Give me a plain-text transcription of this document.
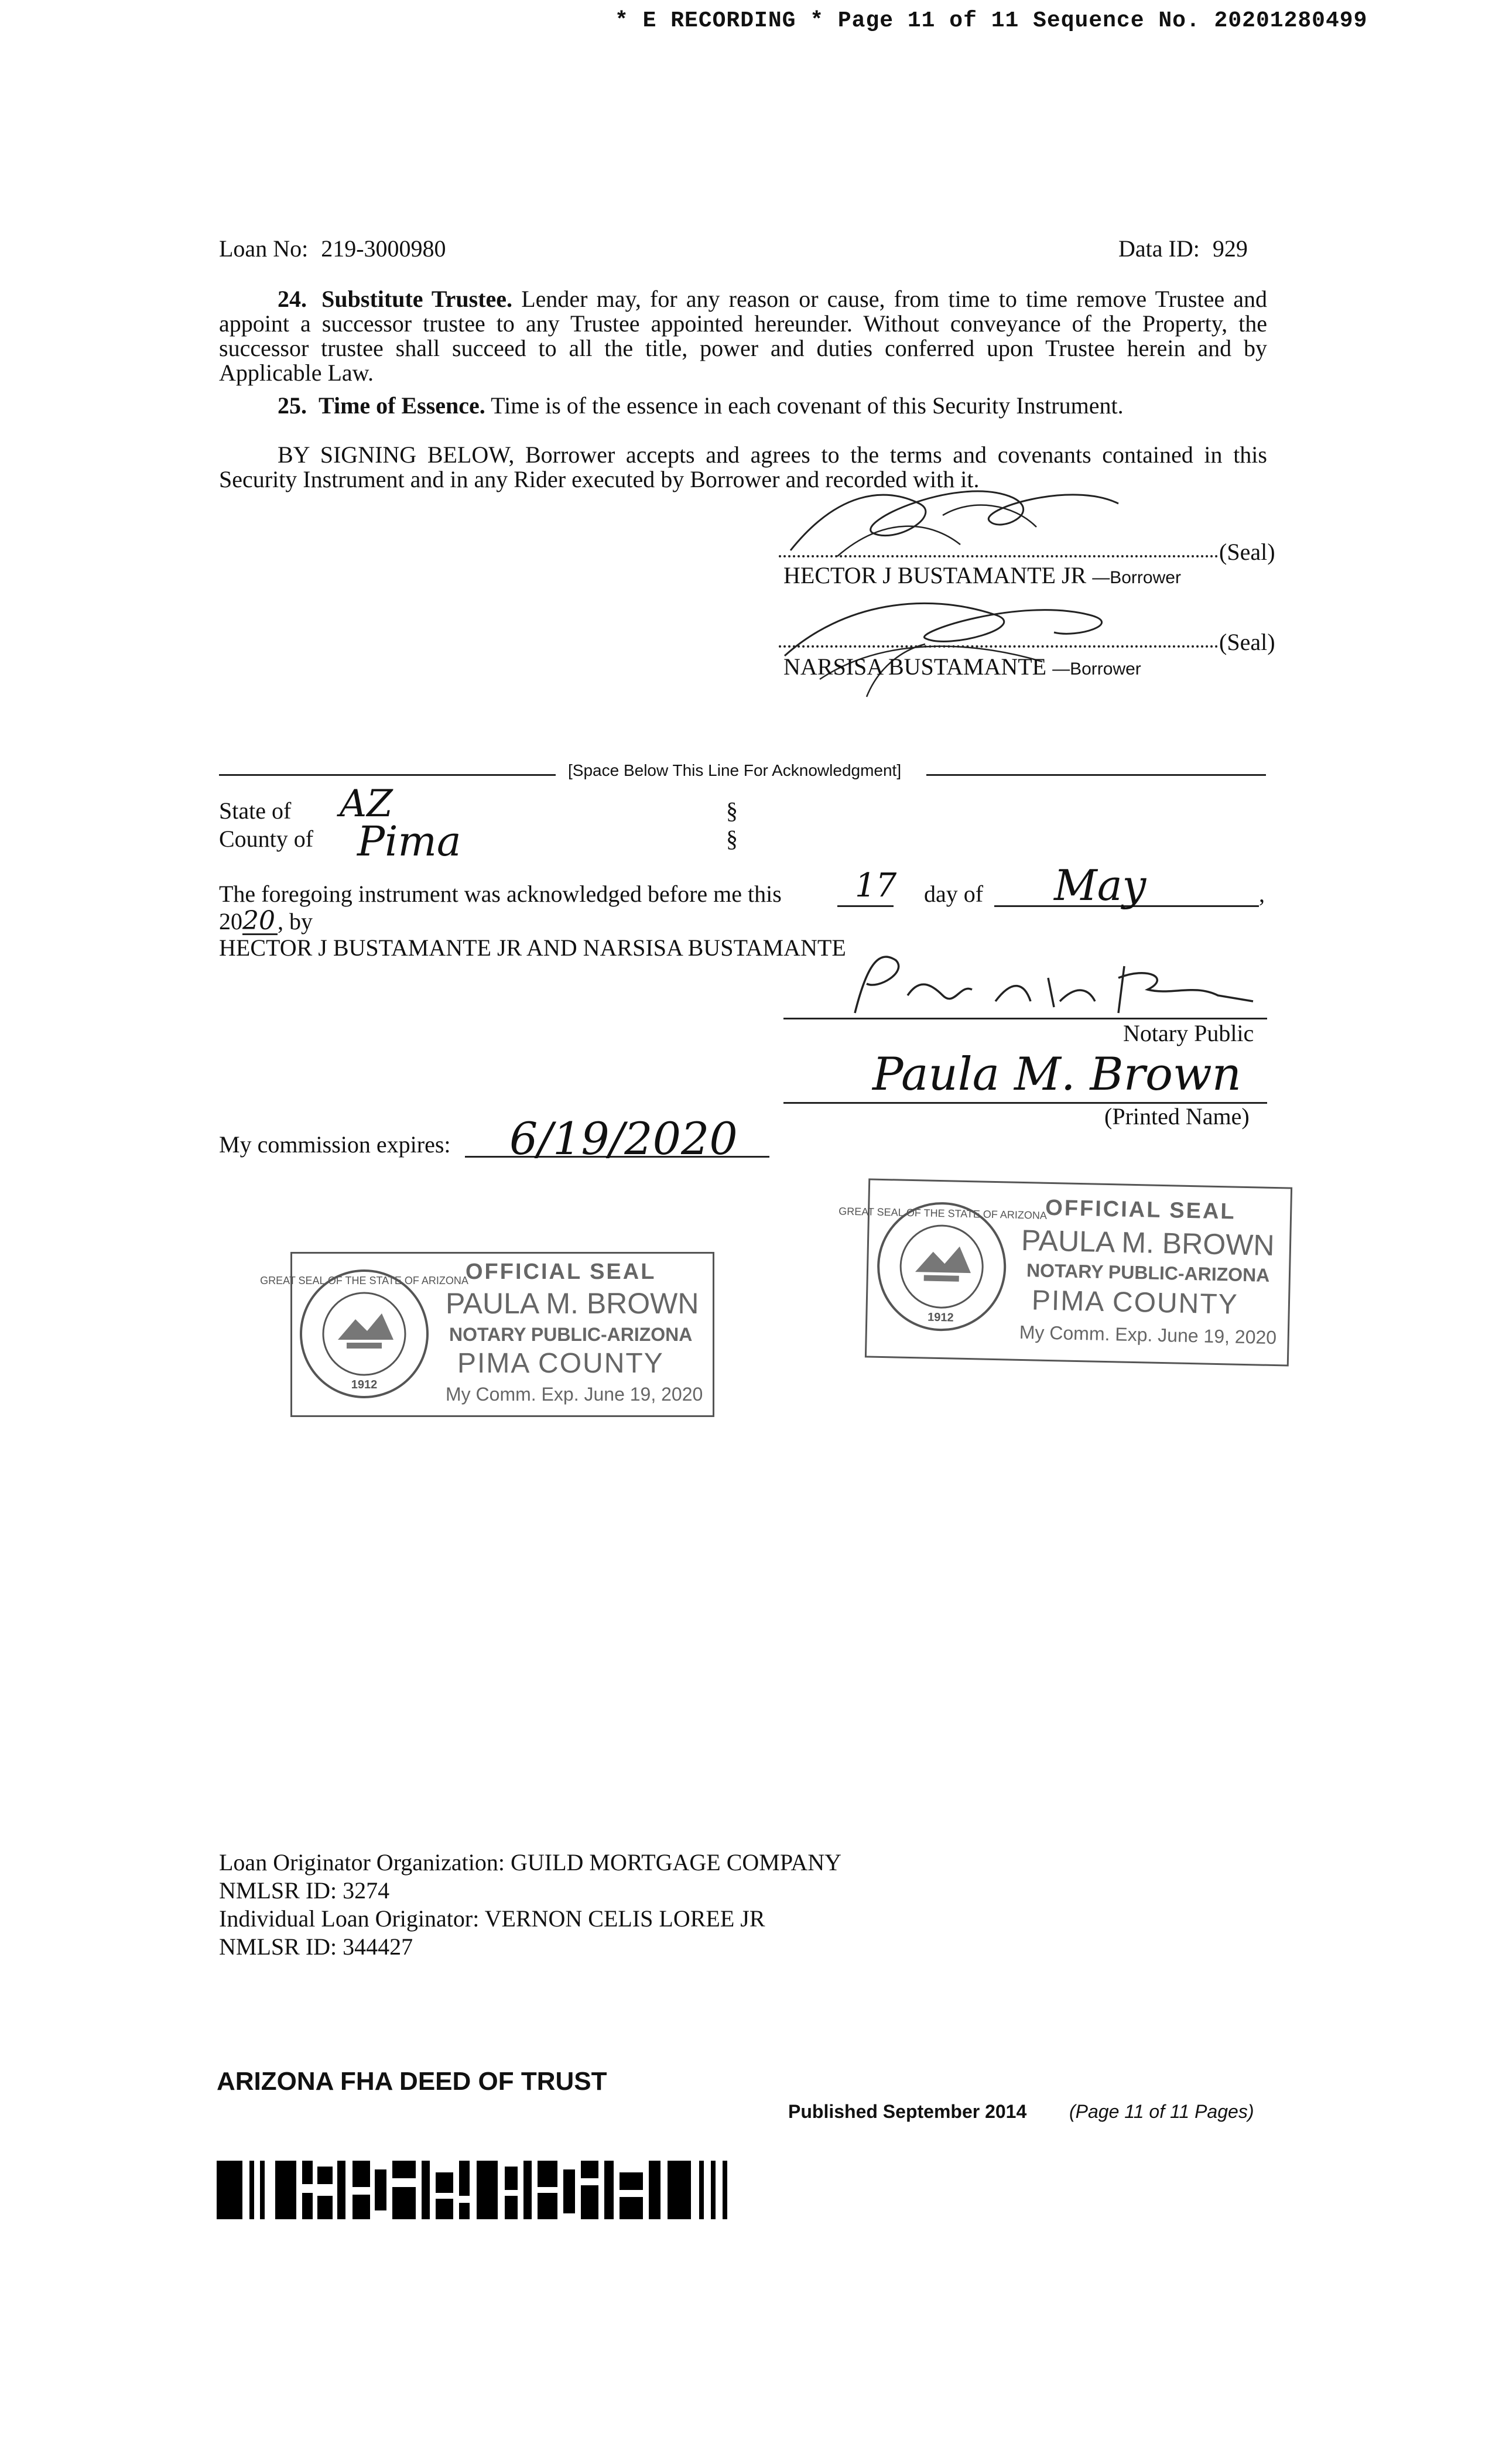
* E RECORDING * Page 11 of 11 Sequence No. 20201280499
Loan No: 219-3000980	Data ID: 929
24. Substitute Trustee. Lender may, for any reason or cause, from time to time remove Trustee and appoint a successor trustee to any Trustee appointed hereunder. Without conveyance of the Property, the successor trustee shall succeed to all the title, power and duties conferred upon Trustee herein and by Applicable Law.
25. Time of Essence. Time is of the essence in each covenant of this Security Instrument.
BY SIGNING BELOW, Borrower accepts and agrees to the terms and covenants contained in this Security Instrument and in any Rider executed by Borrower and recorded with it.
(Seal)
HECTOR J BUSTAMANTE JR —Borrower
(Seal)
NARSISA BUSTAMANTE —Borrower
[Space Below This Line For Acknowledgment]
State of AZ	§
County of Pima	§
The foregoing instrument was acknowledged before me this 17 day of May	,
2020 , by
HECTOR J BUSTAMANTE JR AND NARSISA BUSTAMANTE
Notary Public
Paula M. Brown
(Printed Name)
My commission expires: 6/19/2020
GREAT SEAL OF THE STATE OF ARIZONA
1912
OFFICIAL SEAL
PAULA M. BROWN
NOTARY PUBLIC-ARIZONA
PIMA COUNTY
My Comm. Exp. June 19, 2020
GREAT SEAL OF THE STATE OF ARIZONA
1912
OFFICIAL SEAL
PAULA M. BROWN
NOTARY PUBLIC-ARIZONA
PIMA COUNTY
My Comm. Exp. June 19, 2020
Loan Originator Organization: GUILD MORTGAGE COMPANY
NMLSR ID: 3274
Individual Loan Originator: VERNON CELIS LOREE JR
NMLSR ID: 344427
ARIZONA FHA DEED OF TRUST
Published September 2014 (Page 11 of 11 Pages)
